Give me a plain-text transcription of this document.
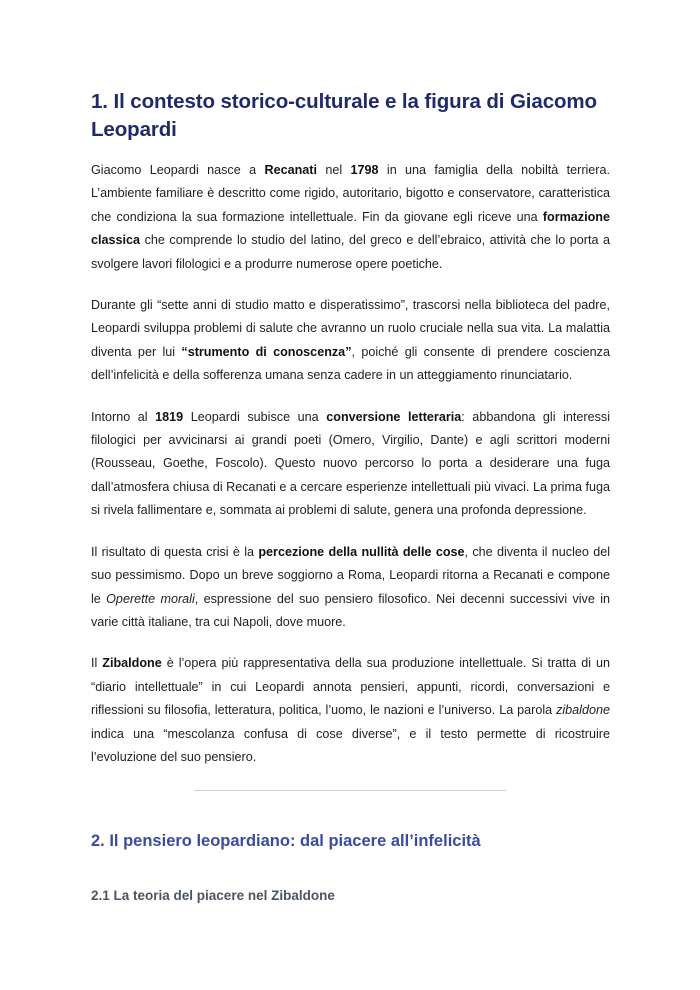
1. Il contesto storico-culturale e la figura di Giacomo Leopardi

Giacomo Leopardi nasce a Recanati nel 1798 in una famiglia della nobiltà terriera. L’ambiente familiare è descritto come rigido, autoritario, bigotto e conservatore, caratteristica che condiziona la sua formazione intellettuale. Fin da giovane egli riceve una formazione classica che comprende lo studio del latino, del greco e dell’ebraico, attività che lo porta a svolgere lavori filologici e a produrre numerose opere poetiche.

Durante gli “sette anni di studio matto e disperatissimo”, trascorsi nella biblioteca del padre, Leopardi sviluppa problemi di salute che avranno un ruolo cruciale nella sua vita. La malattia diventa per lui “strumento di conoscenza”, poiché gli consente di prendere coscienza dell’infelicità e della sofferenza umana senza cadere in un atteggiamento rinunciatario.

Intorno al 1819 Leopardi subisce una conversione letteraria: abbandona gli interessi filologici per avvicinarsi ai grandi poeti (Omero, Virgilio, Dante) e agli scrittori moderni (Rousseau, Goethe, Foscolo). Questo nuovo percorso lo porta a desiderare una fuga dall’atmosfera chiusa di Recanati e a cercare esperienze intellettuali più vivaci. La prima fuga si rivela fallimentare e, sommata ai problemi di salute, genera una profonda depressione.

Il risultato di questa crisi è la percezione della nullità delle cose, che diventa il nucleo del suo pessimismo. Dopo un breve soggiorno a Roma, Leopardi ritorna a Recanati e compone le Operette morali, espressione del suo pensiero filosofico. Nei decenni successivi vive in varie città italiane, tra cui Napoli, dove muore.

Il Zibaldone è l’opera più rappresentativa della sua produzione intellettuale. Si tratta di un “diario intellettuale” in cui Leopardi annota pensieri, appunti, ricordi, conversazioni e riflessioni su filosofia, letteratura, politica, l’uomo, le nazioni e l’universo. La parola zibaldone indica una “mescolanza confusa di cose diverse”, e il testo permette di ricostruire l’evoluzione del suo pensiero.

2. Il pensiero leopardiano: dal piacere all’infelicità
2.1 La teoria del piacere nel Zibaldone
